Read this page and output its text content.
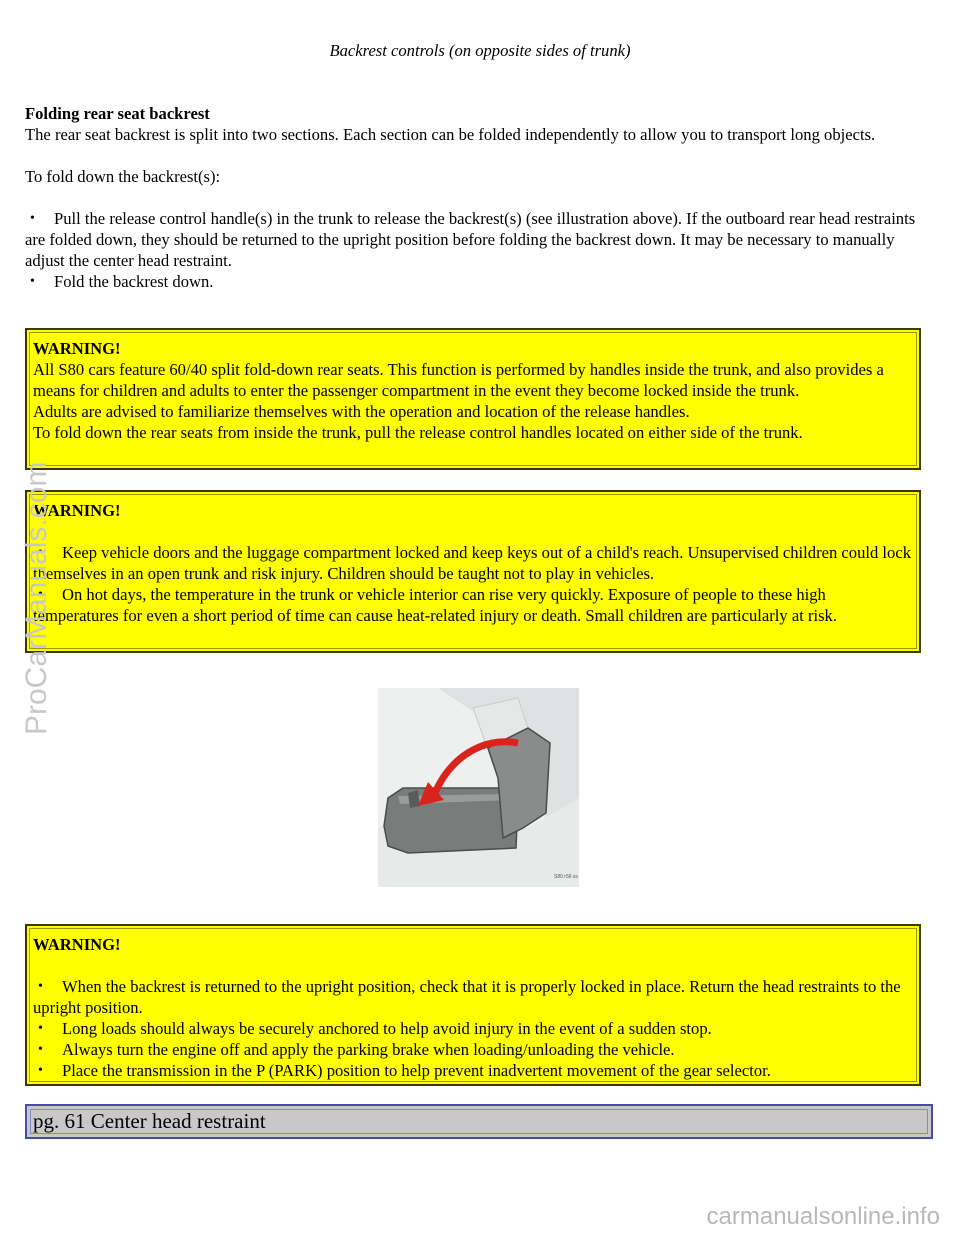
Backrest controls (on opposite sides of trunk)
Folding rear seat backrest
The rear seat backrest is split into two sections. Each section can be folded independently to allow you to transport long objects.
To fold down the backrest(s):
• Pull the release control handle(s) in the trunk to release the backrest(s) (see illustration above). If the outboard rear head restraints are folded down, they should be returned to the upright position before folding the backrest down. It may be necessary to manually adjust the center head restraint.
• Fold the backrest down.
WARNING!
All S80 cars feature 60/40 split fold-down rear seats. This function is performed by handles inside the trunk, and also provides a means for children and adults to enter the passenger compartment in the event they become locked inside the trunk.
Adults are advised to familiarize themselves with the operation and location of the release handles.
To fold down the rear seats from inside the trunk, pull the release control handles located on either side of the trunk.
WARNING!
• Keep vehicle doors and the luggage compartment locked and keep keys out of a child's reach. Unsupervised children could lock themselves in an open trunk and risk injury. Children should be taught not to play in vehicles.
• On hot days, the temperature in the trunk or vehicle interior can rise very quickly. Exposure of people to these high temperatures for even a short period of time can cause heat-related injury or death. Small children are particularly at risk.
S80 r56 ss
WARNING!
• When the backrest is returned to the upright position, check that it is properly locked in place. Return the head restraints to the upright position.
• Long loads should always be securely anchored to help avoid injury in the event of a sudden stop.
• Always turn the engine off and apply the parking brake when loading/unloading the vehicle.
• Place the transmission in the P (PARK) position to help prevent inadvertent movement of the gear selector.
pg. 61 Center head restraint
ProCarManuals.com
carmanualsonline.info
